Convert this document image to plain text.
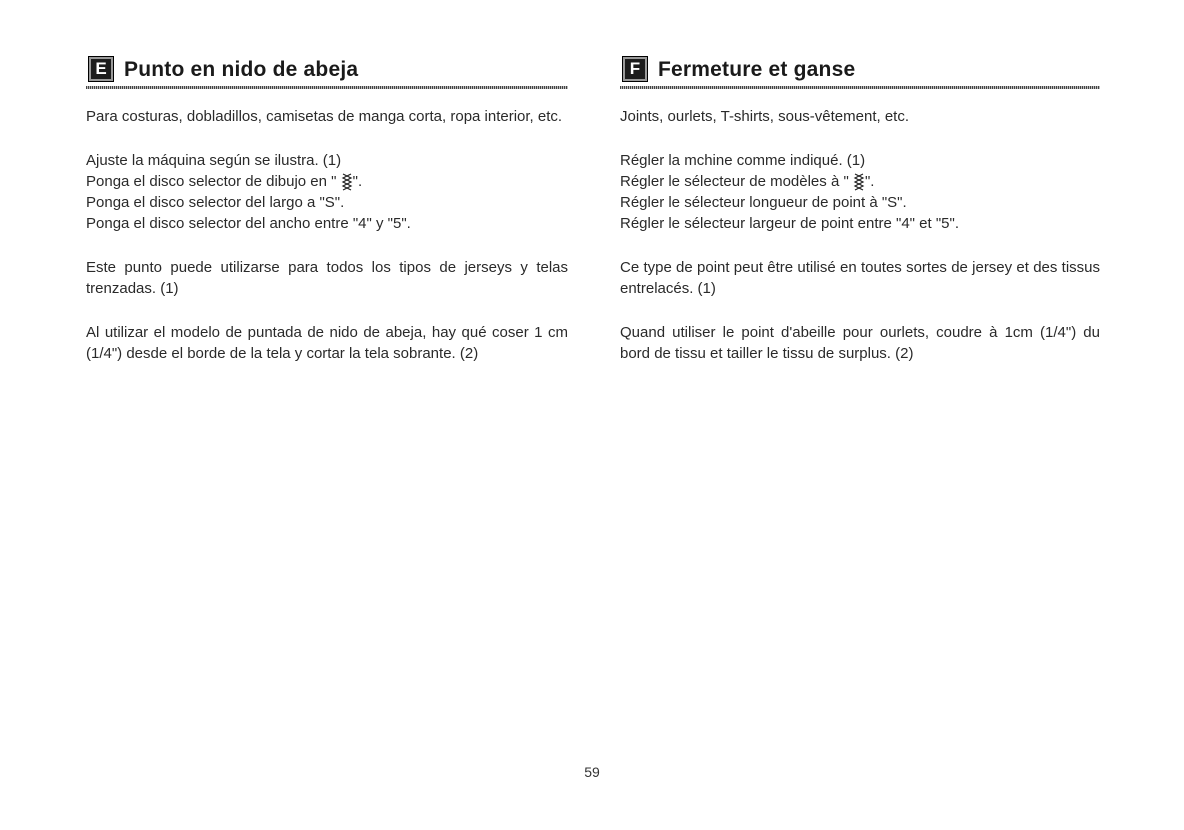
E Punto en nido de abeja

Para costuras, dobladillos, camisetas de manga corta, ropa interior, etc.

Ajuste la máquina según se ilustra. (1)
Ponga el disco selector de dibujo en " ".
Ponga el disco selector del largo a "S".
Ponga el disco selector del ancho entre "4" y "5".

Este punto puede utilizarse para todos los tipos de jerseys y telas trenzadas. (1)

Al utilizar el modelo de puntada de nido de abeja, hay qué coser 1 cm (1/4") desde el borde de la tela y cortar la tela sobrante. (2)

F Fermeture et ganse

Joints, ourlets, T-shirts, sous-vêtement, etc.

Régler la mchine comme indiqué. (1)
Régler le sélecteur de modèles à " ".
Régler le sélecteur longueur de point à "S".
Régler le sélecteur largeur de point entre "4" et "5".

Ce type de point peut être utilisé en toutes sortes de jersey et des tissus entrelacés. (1)

Quand utiliser le point d'abeille pour ourlets, coudre à 1cm (1/4") du bord de tissu et tailler le tissu de surplus. (2)

59
